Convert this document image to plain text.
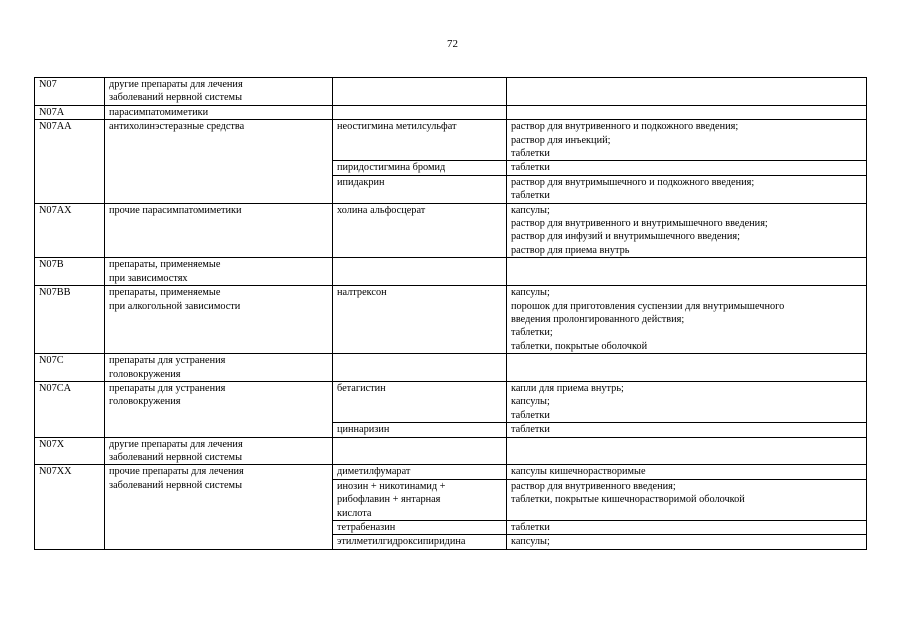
72
N07	другие препараты для лечения
заболеваний нервной системы		
N07A	парасимпатомиметики		
N07AA	антихолинэстеразные средства	неостигмина метилсульфат	раствор для внутривенного и подкожного введения;
раствор для инъекций;
таблетки
		пиридостигмина бромид	таблетки
		ипидакрин	раствор для внутримышечного и подкожного введения;
таблетки
N07AX	прочие парасимпатомиметики	холина альфосцерат	капсулы;
раствор для внутривенного и внутримышечного введения;
раствор для инфузий и внутримышечного введения;
раствор для приема внутрь
N07B	препараты, применяемые
при зависимостях		
N07BB	препараты, применяемые
при алкогольной зависимости	налтрексон	капсулы;
порошок для приготовления суспензии для внутримышечного
введения пролонгированного действия;
таблетки;
таблетки, покрытые оболочкой
N07C	препараты для устранения
головокружения		
N07CA	препараты для устранения
головокружения	бетагистин	капли для приема внутрь;
капсулы;
таблетки
		циннаризин	таблетки
N07X	другие препараты для лечения
заболеваний нервной системы		
N07XX	прочие препараты для лечения
заболеваний нервной системы	диметилфумарат	капсулы кишечнорастворимые
		инозин + никотинамид +
рибофлавин + янтарная
кислота	раствор для внутривенного введения;
таблетки, покрытые кишечнорастворимой оболочкой
		тетрабеназин	таблетки
		этилметилгидроксипиридина	капсулы;
